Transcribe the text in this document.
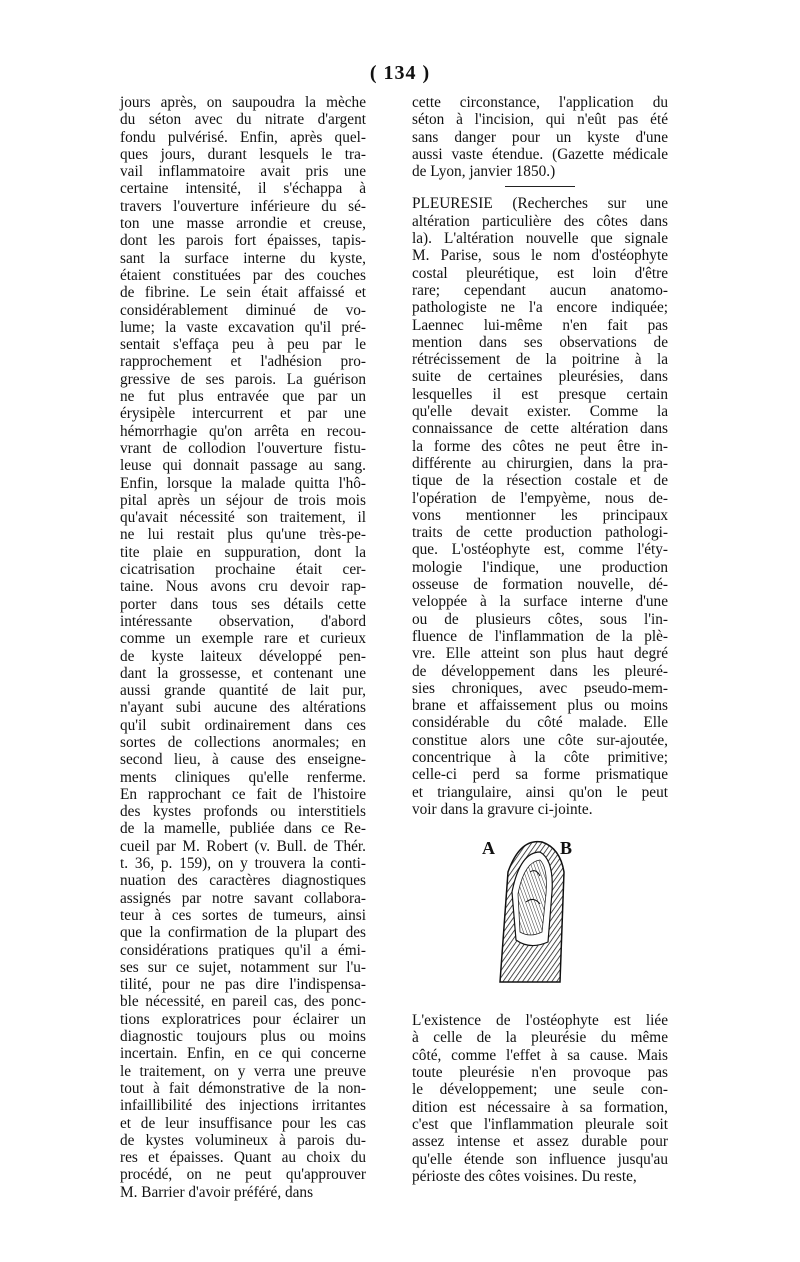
( 134 )
jours après, on saupoudra la mèche
du séton avec du nitrate d'argent
fondu pulvérisé. Enfin, après quel-
ques jours, durant lesquels le tra-
vail inflammatoire avait pris une
certaine intensité, il s'échappa à
travers l'ouverture inférieure du sé-
ton une masse arrondie et creuse,
dont les parois fort épaisses, tapis-
sant la surface interne du kyste,
étaient constituées par des couches
de fibrine. Le sein était affaissé et
considérablement diminué de vo-
lume; la vaste excavation qu'il pré-
sentait s'effaça peu à peu par le
rapprochement et l'adhésion pro-
gressive de ses parois. La guérison
ne fut plus entravée que par un
érysipèle intercurrent et par une
hémorrhagie qu'on arrêta en recou-
vrant de collodion l'ouverture fistu-
leuse qui donnait passage au sang.
Enfin, lorsque la malade quitta l'hô-
pital après un séjour de trois mois
qu'avait nécessité son traitement, il
ne lui restait plus qu'une très-pe-
tite plaie en suppuration, dont la
cicatrisation prochaine était cer-
taine. Nous avons cru devoir rap-
porter dans tous ses détails cette
intéressante observation, d'abord
comme un exemple rare et curieux
de kyste laiteux développé pen-
dant la grossesse, et contenant une
aussi grande quantité de lait pur,
n'ayant subi aucune des altérations
qu'il subit ordinairement dans ces
sortes de collections anormales; en
second lieu, à cause des enseigne-
ments cliniques qu'elle renferme.
En rapprochant ce fait de l'histoire
des kystes profonds ou interstitiels
de la mamelle, publiée dans ce Re-
cueil par M. Robert (v. Bull. de Thér.
t. 36, p. 159), on y trouvera la conti-
nuation des caractères diagnostiques
assignés par notre savant collabora-
teur à ces sortes de tumeurs, ainsi
que la confirmation de la plupart des
considérations pratiques qu'il a émi-
ses sur ce sujet, notamment sur l'u-
tilité, pour ne pas dire l'indispensa-
ble nécessité, en pareil cas, des ponc-
tions exploratrices pour éclairer un
diagnostic toujours plus ou moins
incertain. Enfin, en ce qui concerne
le traitement, on y verra une preuve
tout à fait démonstrative de la non-
infaillibilité des injections irritantes
et de leur insuffisance pour les cas
de kystes volumineux à parois du-
res et épaisses. Quant au choix du
procédé, on ne peut qu'approuver
M. Barrier d'avoir préféré, dans
cette circonstance, l'application du
séton à l'incision, qui n'eût pas été
sans danger pour un kyste d'une
aussi vaste étendue. (Gazette médicale
de Lyon, janvier 1850.)
PLEURESIE (Recherches sur une
altération particulière des côtes dans
la). L'altération nouvelle que signale
M. Parise, sous le nom d'ostéophyte
costal pleurétique, est loin d'être
rare; cependant aucun anatomo-
pathologiste ne l'a encore indiquée;
Laennec lui-même n'en fait pas
mention dans ses observations de
rétrécissement de la poitrine à la
suite de certaines pleurésies, dans
lesquelles il est presque certain
qu'elle devait exister. Comme la
connaissance de cette altération dans
la forme des côtes ne peut être in-
différente au chirurgien, dans la pra-
tique de la résection costale et de
l'opération de l'empyème, nous de-
vons mentionner les principaux
traits de cette production pathologi-
que. L'ostéophyte est, comme l'éty-
mologie l'indique, une production
osseuse de formation nouvelle, dé-
veloppée à la surface interne d'une
ou de plusieurs côtes, sous l'in-
fluence de l'inflammation de la plè-
vre. Elle atteint son plus haut degré
de développement dans les pleuré-
sies chroniques, avec pseudo-mem-
brane et affaissement plus ou moins
considérable du côté malade. Elle
constitue alors une côte sur-ajoutée,
concentrique à la côte primitive;
celle-ci perd sa forme prismatique
et triangulaire, ainsi qu'on le peut
voir dans la gravure ci-jointe.
A	B
L'existence de l'ostéophyte est liée
à celle de la pleurésie du même
côté, comme l'effet à sa cause. Mais
toute pleurésie n'en provoque pas
le développement; une seule con-
dition est nécessaire à sa formation,
c'est que l'inflammation pleurale soit
assez intense et assez durable pour
qu'elle étende son influence jusqu'au
périoste des côtes voisines. Du reste,
